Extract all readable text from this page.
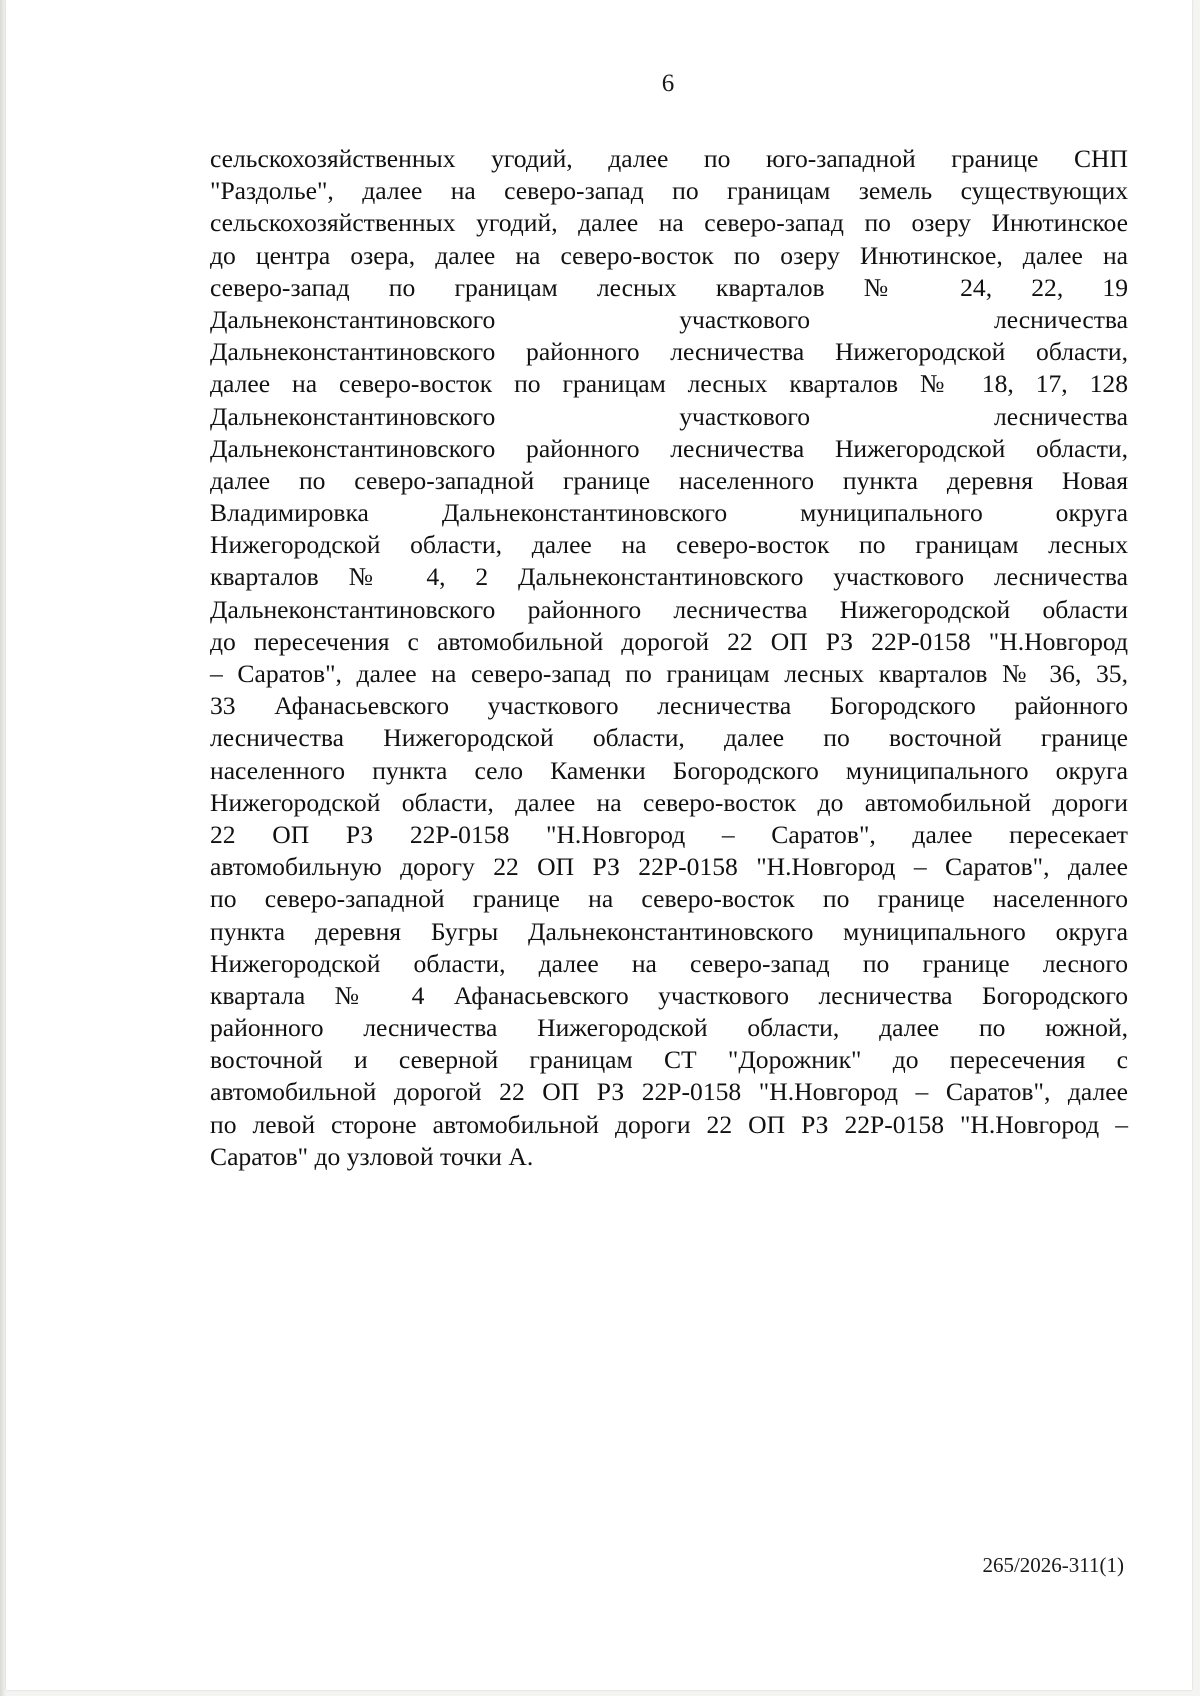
6
сельскохозяйственных угодий, далее по юго-западной границе СНП
"Раздолье", далее на северо-запад по границам земель существующих
сельскохозяйственных угодий, далее на северо-запад по озеру Инютинское
до центра озера, далее на северо-восток по озеру Инютинское, далее на
северо-запад по границам лесных кварталов № 24, 22, 19
Дальнеконстантиновского участкового лесничества
Дальнеконстантиновского районного лесничества Нижегородской области,
далее на северо-восток по границам лесных кварталов № 18, 17, 128
Дальнеконстантиновского участкового лесничества
Дальнеконстантиновского районного лесничества Нижегородской области,
далее по северо-западной границе населенного пункта деревня Новая
Владимировка Дальнеконстантиновского муниципального округа
Нижегородской области, далее на северо-восток по границам лесных
кварталов № 4, 2 Дальнеконстантиновского участкового лесничества
Дальнеконстантиновского районного лесничества Нижегородской области
до пересечения с автомобильной дорогой 22 ОП РЗ 22Р-0158 "Н.Новгород
– Саратов", далее на северо-запад по границам лесных кварталов № 36, 35,
33 Афанасьевского участкового лесничества Богородского районного
лесничества Нижегородской области, далее по восточной границе
населенного пункта село Каменки Богородского муниципального округа
Нижегородской области, далее на северо-восток до автомобильной дороги
22 ОП РЗ 22Р-0158 "Н.Новгород – Саратов", далее пересекает
автомобильную дорогу 22 ОП РЗ 22Р-0158 "Н.Новгород – Саратов", далее
по северо-западной границе на северо-восток по границе населенного
пункта деревня Бугры Дальнеконстантиновского муниципального округа
Нижегородской области, далее на северо-запад по границе лесного
квартала № 4 Афанасьевского участкового лесничества Богородского
районного лесничества Нижегородской области, далее по южной,
восточной и северной границам СТ "Дорожник" до пересечения с
автомобильной дорогой 22 ОП РЗ 22Р-0158 "Н.Новгород – Саратов", далее
по левой стороне автомобильной дороги 22 ОП РЗ 22Р-0158 "Н.Новгород –
Саратов" до узловой точки А.
265/2026-311(1)
